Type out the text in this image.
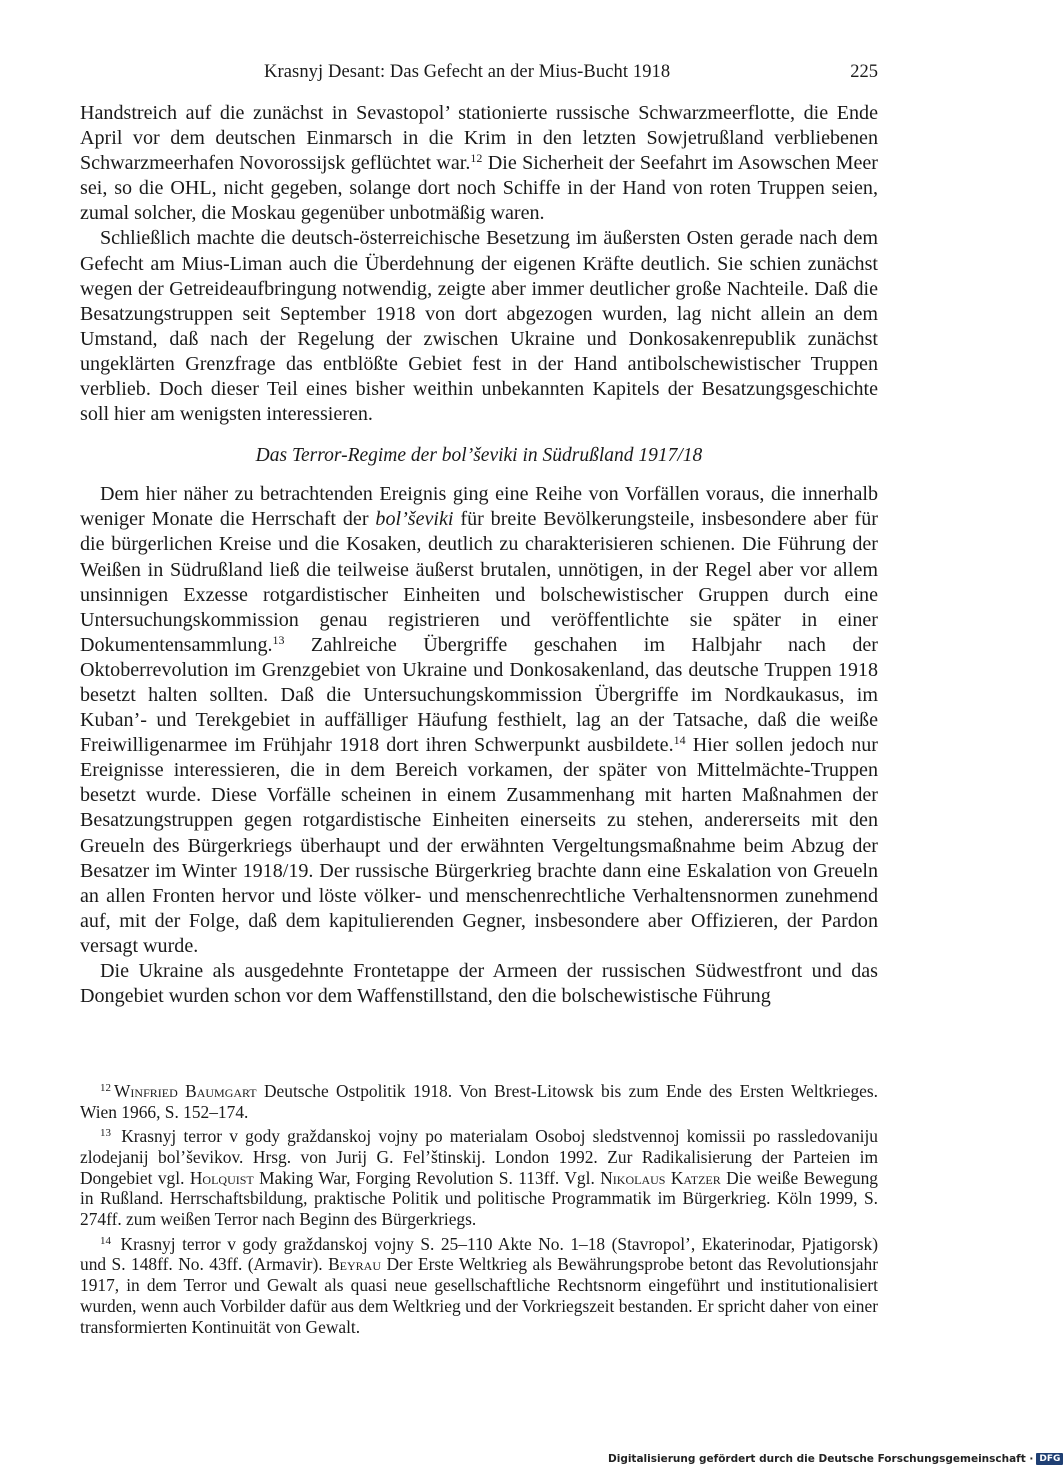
Krasnyj Desant: Das Gefecht an der Mius-Bucht 1918	225

Handstreich auf die zunächst in Sevastopol’ stationierte russische Schwarzmeerflotte, die Ende April vor dem deutschen Einmarsch in die Krim in den letzten Sowjetrußland verbliebenen Schwarzmeerhafen Novorossijsk geflüchtet war.$^{12}$ Die Sicherheit der Seefahrt im Asowschen Meer sei, so die OHL, nicht gegeben, solange dort noch Schiffe in der Hand von roten Truppen seien, zumal solcher, die Moskau gegenüber unbotmäßig waren.

Schließlich machte die deutsch-österreichische Besetzung im äußersten Osten gerade nach dem Gefecht am Mius-Liman auch die Überdehnung der eigenen Kräfte deutlich. Sie schien zunächst wegen der Getreideaufbringung notwendig, zeigte aber immer deutlicher große Nachteile. Daß die Besatzungstruppen seit September 1918 von dort abgezogen wurden, lag nicht allein an dem Umstand, daß nach der Regelung der zwischen Ukraine und Donkosakenrepublik zunächst ungeklärten Grenzfrage das entblößte Gebiet fest in der Hand antibolschewistischer Truppen verblieb. Doch dieser Teil eines bisher weithin unbekannten Kapitels der Besatzungsgeschichte soll hier am wenigsten interessieren.

Das Terror-Regime der bol’ševiki in Südrußland 1917/18

Dem hier näher zu betrachtenden Ereignis ging eine Reihe von Vorfällen voraus, die innerhalb weniger Monate die Herrschaft der bol’ševiki für breite Bevölkerungsteile, insbesondere aber für die bürgerlichen Kreise und die Kosaken, deutlich zu charakterisieren schienen. Die Führung der Weißen in Südrußland ließ die teilweise äußerst brutalen, unnötigen, in der Regel aber vor allem unsinnigen Exzesse rotgardistischer Einheiten und bolschewistischer Gruppen durch eine Untersuchungskommission genau registrieren und veröffentlichte sie später in einer Dokumentensammlung.$^{13}$ Zahlreiche Übergriffe geschahen im Halbjahr nach der Oktoberrevolution im Grenzgebiet von Ukraine und Donkosakenland, das deutsche Truppen 1918 besetzt halten sollten. Daß die Untersuchungskommission Übergriffe im Nordkaukasus, im Kuban’- und Terekgebiet in auffälliger Häufung festhielt, lag an der Tatsache, daß die weiße Freiwilligenarmee im Frühjahr 1918 dort ihren Schwerpunkt ausbildete.$^{14}$ Hier sollen jedoch nur Ereignisse interessieren, die in dem Bereich vorkamen, der später von Mittelmächte-Truppen besetzt wurde. Diese Vorfälle scheinen in einem Zusammenhang mit harten Maßnahmen der Besatzungstruppen gegen rotgardistische Einheiten einerseits zu stehen, andererseits mit den Greueln des Bürgerkriegs überhaupt und der erwähnten Vergeltungsmaßnahme beim Abzug der Besatzer im Winter 1918/19. Der russische Bürgerkrieg brachte dann eine Eskalation von Greueln an allen Fronten hervor und löste völker- und menschenrechtliche Verhaltensnormen zunehmend auf, mit der Folge, daß dem kapitulierenden Gegner, insbesondere aber Offizieren, der Pardon versagt wurde.

Die Ukraine als ausgedehnte Frontetappe der Armeen der russischen Südwestfront und das Dongebiet wurden schon vor dem Waffenstillstand, den die bolschewistische Führung

$^{12}$ Winfried Baumgart Deutsche Ostpolitik 1918. Von Brest-Litowsk bis zum Ende des Ersten Weltkrieges. Wien 1966, S. 152–174.

$^{13}$ Krasnyj terror v gody graždanskoj vojny po materialam Osoboj sledstvennoj komissii po rassledovaniju zlodejanij bol’ševikov. Hrsg. von Jurij G. Fel’štinskij. London 1992. Zur Radikalisierung der Parteien im Dongebiet vgl. Holquist Making War, Forging Revolution S. 113ff. Vgl. Nikolaus Katzer Die weiße Bewegung in Rußland. Herrschaftsbildung, praktische Politik und politische Programmatik im Bürgerkrieg. Köln 1999, S. 274ff. zum weißen Terror nach Beginn des Bürgerkriegs.

$^{14}$ Krasnyj terror v gody graždanskoj vojny S. 25–110 Akte No. 1–18 (Stavropol’, Ekaterinodar, Pjatigorsk) und S. 148ff. No. 43ff. (Armavir). Beyrau Der Erste Weltkrieg als Bewährungsprobe betont das Revolutionsjahr 1917, in dem Terror und Gewalt als quasi neue gesellschaftliche Rechtsnorm eingeführt und institutionalisiert wurden, wenn auch Vorbilder dafür aus dem Weltkrieg und der Vorkriegszeit bestanden. Er spricht daher von einer transformierten Kontinuität von Gewalt.

Digitalisierung gefördert durch die Deutsche Forschungsgemeinschaft · DFG
